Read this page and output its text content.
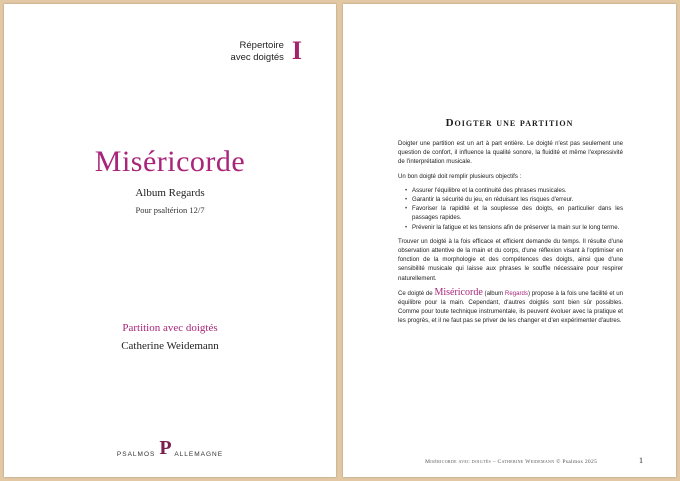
Répertoire
avec doigtés I
Miséricorde
Album Regards
Pour psaltérion 12/7
Partition avec doigtés
Catherine Weidemann
PSALMOS P ALLEMAGNE
Doigter une partition

Doigter une partition est un art à part entière. Le doigté n'est pas seulement une question de confort, il influence la qualité sonore, la fluidité et même l'expressivité de l'interprétation musicale.

Un bon doigté doit remplir plusieurs objectifs :

• Assurer l'équilibre et la continuité des phrases musicales.
• Garantir la sécurité du jeu, en réduisant les risques d'erreur.
• Favoriser la rapidité et la souplesse des doigts, en particulier dans les passages rapides.
• Prévenir la fatigue et les tensions afin de préserver la main sur le long terme.

Trouver un doigté à la fois efficace et efficient demande du temps. Il résulte d'une observation attentive de la main et du corps, d'une réflexion visant à l'optimiser en fonction de la morphologie et des compétences des doigts, ainsi que d'une sensibilité musicale qui laisse aux phrases le souffle nécessaire pour respirer naturellement.

Ce doigté de Miséricorde (album Regards) propose à la fois une facilité et un équilibre pour la main. Cependant, d'autres doigtés sont bien sûr possibles. Comme pour toute technique instrumentale, ils peuvent évoluer avec la pratique et les progrès, et il ne faut pas se priver de les changer et d'en expérimenter d'autres.

Miséricorde avec doigtés – Catherine Weidemann © Psalmos 2025	1
